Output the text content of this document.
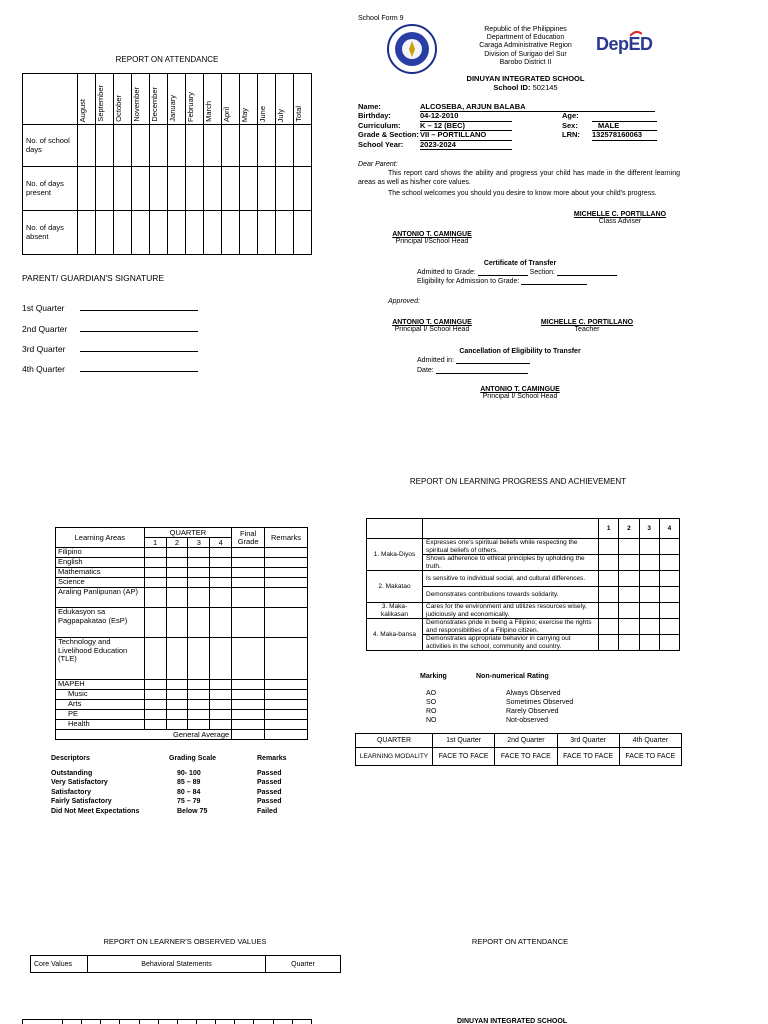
REPORT ON ATTENDANCE

	August	September	October	November	December	January	February	March	April	May	June	July	Total

No. of school days													
No. of days present													
No. of days absent													
PARENT/ GUARDIAN'S SIGNATURE
1st Quarter
2nd Quarter
3rd Quarter
4th Quarter
School Form 9
Republic of the Philippines
Department of Education
Caraga Administrative Region
Division of Surigao del Sur
Barobo District II
DINUYAN INTEGRATED SCHOOL
School ID: 502145
DepED
Name:	ALCOSEBA, ARJUN BALABA
Birthday:	04-12-2010	Age:
Curriculum:	K – 12 (BEC)	Sex:	MALE
Grade & Section: VII – PORTILLANO	LRN:	132578160063
School Year:	2023-2024
Dear Parent:
This report card shows the ability and progress your child has made in the different learning areas as well as his/her core values.
The school welcomes you should you desire to know more about your child's progress.
MICHELLE C. PORTILLANO
Class Adviser
ANTONIO T. CAMINGUE
Principal I/School Head
Certificate of Transfer
Admitted to Grade:	Section:
Eligibility for Admission to Grade:
Approved:
ANTONIO T. CAMINGUE
Principal I/ School Head
MICHELLE C. PORTILLANO
Teacher
Cancellation of Eligibility to Transfer
Admitted in:
Date:
ANTONIO T. CAMINGUE
Principal I/ School Head
REPORT ON LEARNING PROGRESS AND ACHIEVEMENT
Learning Areas	QUARTER				Final Grade	Remarks
	1	2	3	4		
Filipino						
English						
Mathematics						
Science						
Araling Panlipunan (AP)						
Edukasyon sa Pagpapakatao (EsP)						
Technology and Livelihood Education (TLE)						
MAPEH						
Music						
Arts						
PE						
Health						
	General Average					
Descriptors	Grading Scale	Remarks
Outstanding	90- 100	Passed
Very Satisfactory	85 – 89	Passed
Satisfactory	80 – 84	Passed
Fairly Satisfactory	75 – 79	Passed
Did Not Meet Expectations	Below 75	Failed
		1	2	3	4
1. Maka-Diyos	Expresses one's spiritual beliefs while respecting the spiritual beliefs of others.				
	Shows adherence to ethical principles by upholding the truth.				
2. Makatao	Is sensitive to individual social, and cultural differences.				
	Demonstrates contributions towards solidarity.				
3. Maka-kalikasan	Cares for the environment and utilizes resources wisely, judiciously and economically.				
4. Maka-bansa	Demonstrates pride in being a Filipino; exercise the rights and responsibilities of a Filipino citizen.				
	Demonstrates appropriate behavior in carrying out activities in the school, community and country.				
Marking	Non-numerical Rating
AO	Always Observed
SO	Sometimes Observed
RO	Rarely Observed
NO	Not-observed
QUARTER	1st Quarter	2nd Quarter	3rd Quarter	4th Quarter
LEARNING MODALITY	FACE TO FACE	FACE TO FACE	FACE TO FACE	FACE TO FACE
REPORT ON LEARNER'S OBSERVED VALUES
Core Values	Behavioral Statements	Quarter
REPORT ON ATTENDANCE

DINUYAN INTEGRATED SCHOOL
